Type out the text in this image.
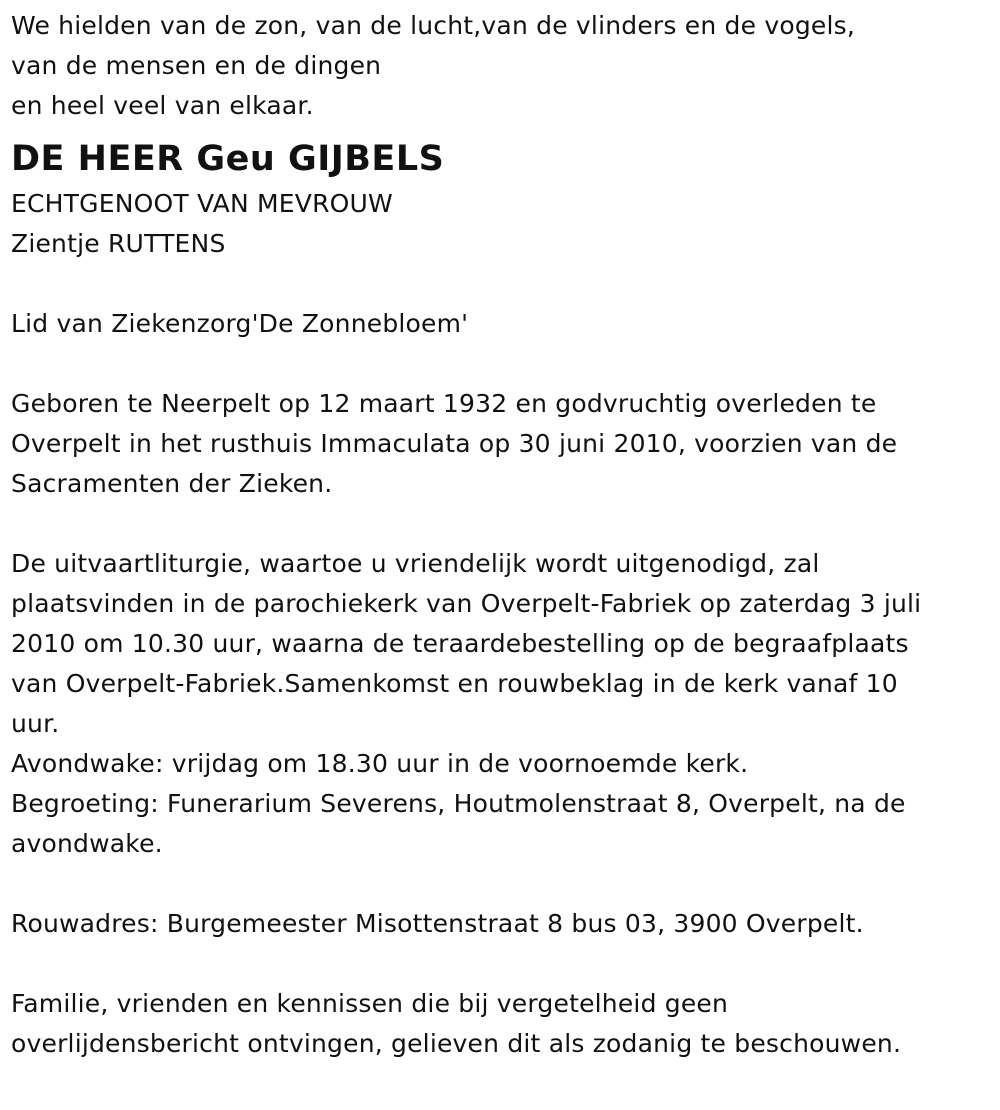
We hielden van de zon, van de lucht,van de vlinders en de vogels,
van de mensen en de dingen
en heel veel van elkaar.
DE HEER Geu GIJBELS
ECHTGENOOT VAN MEVROUW
Zientje RUTTENS
Lid van Ziekenzorg'De Zonnebloem'
Geboren te Neerpelt op 12 maart 1932 en godvruchtig overleden te
Overpelt in het rusthuis Immaculata op 30 juni 2010, voorzien van de
Sacramenten der Zieken.
De uitvaartliturgie, waartoe u vriendelijk wordt uitgenodigd, zal
plaatsvinden in de parochiekerk van Overpelt-Fabriek op zaterdag 3 juli
2010 om 10.30 uur, waarna de teraardebestelling op de begraafplaats
van Overpelt-Fabriek.Samenkomst en rouwbeklag in de kerk vanaf 10
uur.
Avondwake: vrijdag om 18.30 uur in de voornoemde kerk.
Begroeting: Funerarium Severens, Houtmolenstraat 8, Overpelt, na de
avondwake.
Rouwadres: Burgemeester Misottenstraat 8 bus 03, 3900 Overpelt.
Familie, vrienden en kennissen die bij vergetelheid geen
overlijdensbericht ontvingen, gelieven dit als zodanig te beschouwen.
